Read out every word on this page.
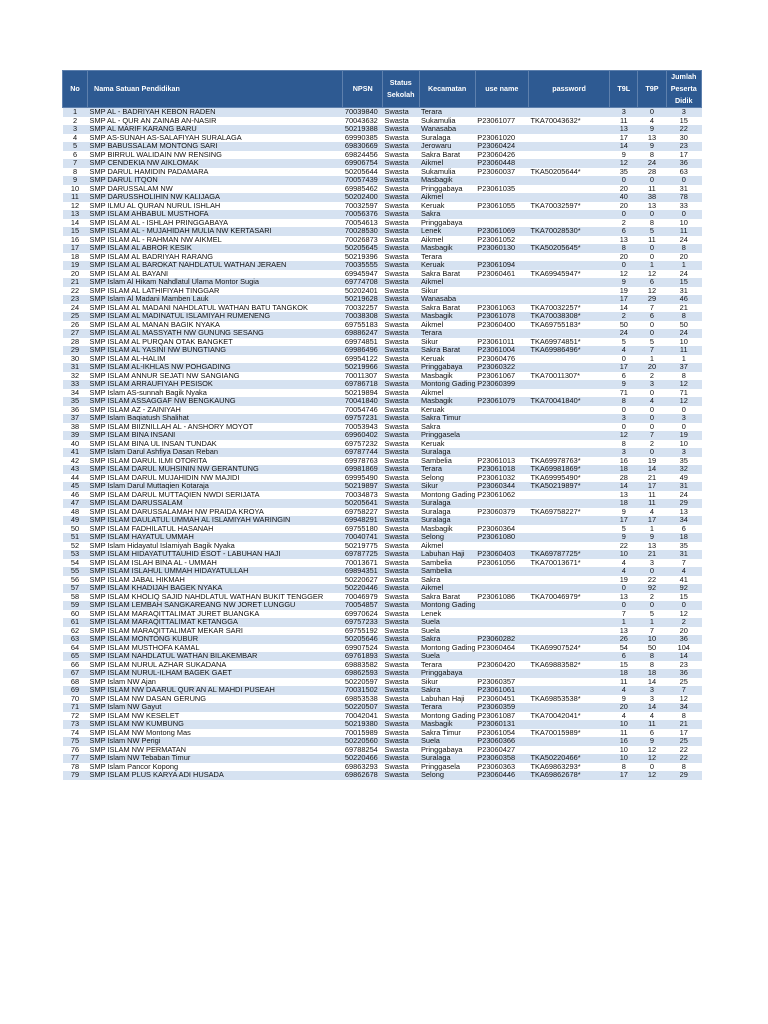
No	Nama Satuan Pendidikan	NPSN	Status Sekolah	Kecamatan	use name	password	T9L	T9P	Jumlah Peserta Didik
1	SMP AL - BADRIYAH KEBON RADEN	70039840	Swasta	Terara			3	0	3
2	SMP AL - QUR AN ZAINAB AN-NASIR	70043632	Swasta	Sukamulia	P23061077	TKA70043632*	11	4	15
3	SMP AL MARIF KARANG BARU	50219388	Swasta	Wanasaba			13	9	22
4	SMP AS-SUNAH AS-SALAFIYAH SURALAGA	69990385	Swasta	Suralaga	P23061020		17	13	30
5	SMP BABUSSALAM MONTONG SARI	69830669	Swasta	Jerowaru	P23060424		14	9	23
6	SMP BIRRUL WALIDAIN NW RENSING	69824456	Swasta	Sakra Barat	P23060426		9	8	17
7	SMP CENDEKIA NW AIKLOMAK	69906754	Swasta	Aikmel	P23060448		12	24	36
8	SMP DARUL HAMIDIN PADAMARA	50205644	Swasta	Sukamulia	P23060037	TKA50205644*	35	28	63
9	SMP DARUL ITQON	70057439	Swasta	Masbagik			0	0	0
10	SMP DARUSSALAM NW	69985462	Swasta	Pringgabaya	P23061035		20	11	31
11	SMP DARUSSHOLIHIN NW KALIJAGA	50202400	Swasta	Aikmel			40	38	78
12	SMP ILMU AL QURAN NURUL ISHLAH	70032597	Swasta	Keruak	P23061055	TKA70032597*	20	13	33
13	SMP ISLAM AHBABUL MUSTHOFA	70056376	Swasta	Sakra			0	0	0
14	SMP ISLAM AL - ISHLAH PRINGGABAYA	70054613	Swasta	Pringgabaya			2	8	10
15	SMP ISLAM AL - MUJAHIDAH MULIA NW KERTASARI	70028530	Swasta	Lenek	P23061069	TKA70028530*	6	5	11
16	SMP ISLAM AL - RAHMAN NW AIKMEL	70026873	Swasta	Aikmel	P23061052		13	11	24
17	SMP ISLAM AL ABROR KESIK	50205645	Swasta	Masbagik	P23060130	TKA50205645*	8	0	8
18	SMP ISLAM AL BADRIYAH RARANG	50219396	Swasta	Terara			20	0	20
19	SMP ISLAM AL BAROKAT NAHDLATUL WATHAN JERAEN	70035555	Swasta	Keruak	P23061094		0	1	1
20	SMP ISLAM AL BAYANI	69945947	Swasta	Sakra Barat	P23060461	TKA69945947*	12	12	24
21	SMP Islam Al Hikam Nahdlatul Ulama Montor Sugia	69774708	Swasta	Aikmel			9	6	15
22	SMP ISLAM AL LATHIFIYAH TINGGAR	50202401	Swasta	Sikur			19	12	31
23	SMP Islam Al Madani Mamben Lauk	50219628	Swasta	Wanasaba			17	29	46
24	SMP ISLAM AL MADANI NAHDLATUL WATHAN BATU TANGKOK	70032257	Swasta	Sakra Barat	P23061063	TKA70032257*	14	7	21
25	SMP ISLAM AL MADINATUL ISLAMIYAH RUMENENG	70038308	Swasta	Masbagik	P23061078	TKA70038308*	2	6	8
26	SMP ISLAM AL MANAN BAGIK NYAKA	69755183	Swasta	Aikmel	P23060400	TKA69755183*	50	0	50
27	SMP ISLAM AL MASSYATH NW GUNUNG SESANG	69886247	Swasta	Terara			24	0	24
28	SMP ISLAM AL PURQAN OTAK BANGKET	69974851	Swasta	Sikur	P23061011	TKA69974851*	5	5	10
29	SMP ISLAM AL YASINI NW BUNGTIANG	69986496	Swasta	Sakra Barat	P23061004	TKA69986496*	4	7	11
30	SMP ISLAM AL-HALIM	69954122	Swasta	Keruak	P23060476		0	1	1
31	SMP ISLAM AL-IKHLAS NW POHGADING	50219966	Swasta	Pringgabaya	P23060322		17	20	37
32	SMP ISLAM ANNUR SEJATI NW SANGIANG	70011307	Swasta	Masbagik	P23061067	TKA70011307*	6	2	8
33	SMP ISLAM ARRAUFIYAH PESISOK	69786718	Swasta	Montong Gading	P23060399		9	3	12
34	SMP Islam AS-sunnah Bagik Nyaka	50219894	Swasta	Aikmel			71	0	71
35	SMP ISLAM ASSAGGAF NW BENGKAUNG	70041840	Swasta	Masbagik	P23061079	TKA70041840*	8	4	12
36	SMP ISLAM AZ - ZAINIYAH	70054746	Swasta	Keruak			0	0	0
37	SMP Islam Baqiatush Shalihat	69757231	Swasta	Sakra Timur			3	0	3
38	SMP ISLAM BIIZNILLAH AL - ANSHORY MOYOT	70053943	Swasta	Sakra			0	0	0
39	SMP ISLAM BINA INSANI	69960402	Swasta	Pringgasela			12	7	19
40	SMP ISLAM BINA UL INSAN TUNDAK	69757232	Swasta	Keruak			8	2	10
41	SMP Islam Darul Ashfiya Dasan Reban	69787744	Swasta	Suralaga			3	0	3
42	SMP ISLAM DARUL ILMI OTORITA	69978763	Swasta	Sambelia	P23061013	TKA69978763*	16	19	35
43	SMP ISLAM DARUL MUHSININ NW GERANTUNG	69981869	Swasta	Terara	P23061018	TKA69981869*	18	14	32
44	SMP ISLAM DARUL MUJAHIDIN NW MAJIDI	69995490	Swasta	Selong	P23061032	TKA69995490*	28	21	49
45	SMP Islam Darul Muttaqien Kotaraja	50219897	Swasta	Sikur	P23060344	TKA50219897*	14	17	31
46	SMP ISLAM DARUL MUTTAQIEN NWDI SERIJATA	70034873	Swasta	Montong Gading	P23061062		13	11	24
47	SMP ISLAM DARUSSALAM	50205641	Swasta	Suralaga			18	11	29
48	SMP ISLAM DARUSSALAMAH NW PRAIDA KROYA	69758227	Swasta	Suralaga	P23060379	TKA69758227*	9	4	13
49	SMP ISLAM DAULATUL UMMAH AL ISLAMIYAH WARINGIN	69948291	Swasta	Suralaga			17	17	34
50	SMP ISLAM FADHILATUL HASANAH	69755180	Swasta	Masbagik	P23060364		5	1	6
51	SMP ISLAM HAYATUL UMMAH	70040741	Swasta	Selong	P23061080		9	9	18
52	SMP Islam Hidayatul Islamiyah Bagik Nyaka	50219775	Swasta	Aikmel			22	13	35
53	SMP ISLAM HIDAYATUTTAUHID ESOT - LABUHAN HAJI	69787725	Swasta	Labuhan Haji	P23060403	TKA69787725*	10	21	31
54	SMP ISLAM ISLAH BINA AL - UMMAH	70013671	Swasta	Sambelia	P23061056	TKA70013671*	4	3	7
55	SMP ISLAM ISLAHUL UMMAH HIDAYATULLAH	69894351	Swasta	Sambelia			4	0	4
56	SMP ISLAM JABAL HIKMAH	50220627	Swasta	Sakra			19	22	41
57	SMP ISLAM KHADIJAH BAGEK NYAKA	50220446	Swasta	Aikmel			0	92	92
58	SMP ISLAM KHOLIQ SAJID NAHDLATUL WATHAN BUKIT TENGGER	70046979	Swasta	Sakra Barat	P23061086	TKA70046979*	13	2	15
59	SMP ISLAM LEMBAH SANGKAREANG NW JORET LUNGGU	70054857	Swasta	Montong Gading			0	0	0
60	SMP ISLAM MARAQITTALIMAT JURET BUANGKA	69970624	Swasta	Lenek			7	5	12
61	SMP ISLAM MARAQITTALIMAT KETANGGA	69757233	Swasta	Suela			1	1	2
62	SMP ISLAM MARAQITTALIMAT MEKAR SARI	69755192	Swasta	Suela			13	7	20
63	SMP ISLAM MONTONG KUBUR	50205646	Swasta	Sakra	P23060282		26	10	36
64	SMP ISLAM MUSTHOFA KAMAL	69907524	Swasta	Montong Gading	P23060464	TKA69907524*	54	50	104
65	SMP ISLAM NAHDLATUL WATHAN BILAKEMBAR	69761893	Swasta	Suela			6	8	14
66	SMP ISLAM NURUL AZHAR SUKADANA	69883582	Swasta	Terara	P23060420	TKA69883582*	15	8	23
67	SMP ISLAM NURUL-ILHAM BAGEK GAET	69862593	Swasta	Pringgabaya			18	18	36
68	SMP Islam NW Ajan	50220597	Swasta	Sikur	P23060357		11	14	25
69	SMP ISLAM NW DAARUL QUR AN AL MAHDI PUSEAH	70031502	Swasta	Sakra	P23061061		4	3	7
70	SMP ISLAM NW DASAN GERUNG	69853538	Swasta	Labuhan Haji	P23060451	TKA69853538*	9	3	12
71	SMP Islam NW Gayut	50220507	Swasta	Terara	P23060359		20	14	34
72	SMP ISLAM NW KESELET	70042041	Swasta	Montong Gading	P23061087	TKA70042041*	4	4	8
73	SMP ISLAM NW KUMBUNG	50219380	Swasta	Masbagik	P23060131		10	11	21
74	SMP ISLAM NW Montong Mas	70015989	Swasta	Sakra Timur	P23061054	TKA70015989*	11	6	17
75	SMP Islam NW Perigi	50220560	Swasta	Suela	P23060366		16	9	25
76	SMP ISLAM NW PERMATAN	69788254	Swasta	Pringgabaya	P23060427		10	12	22
77	SMP Islam NW Tebaban Timur	50220466	Swasta	Suralaga	P23060358	TKA50220466*	10	12	22
78	SMP Islam Pancor Kopong	69863293	Swasta	Pringgasela	P23060363	TKA69863293*	8	0	8
79	SMP ISLAM PLUS KARYA ADI HUSADA	69862678	Swasta	Selong	P23060446	TKA69862678*	17	12	29
